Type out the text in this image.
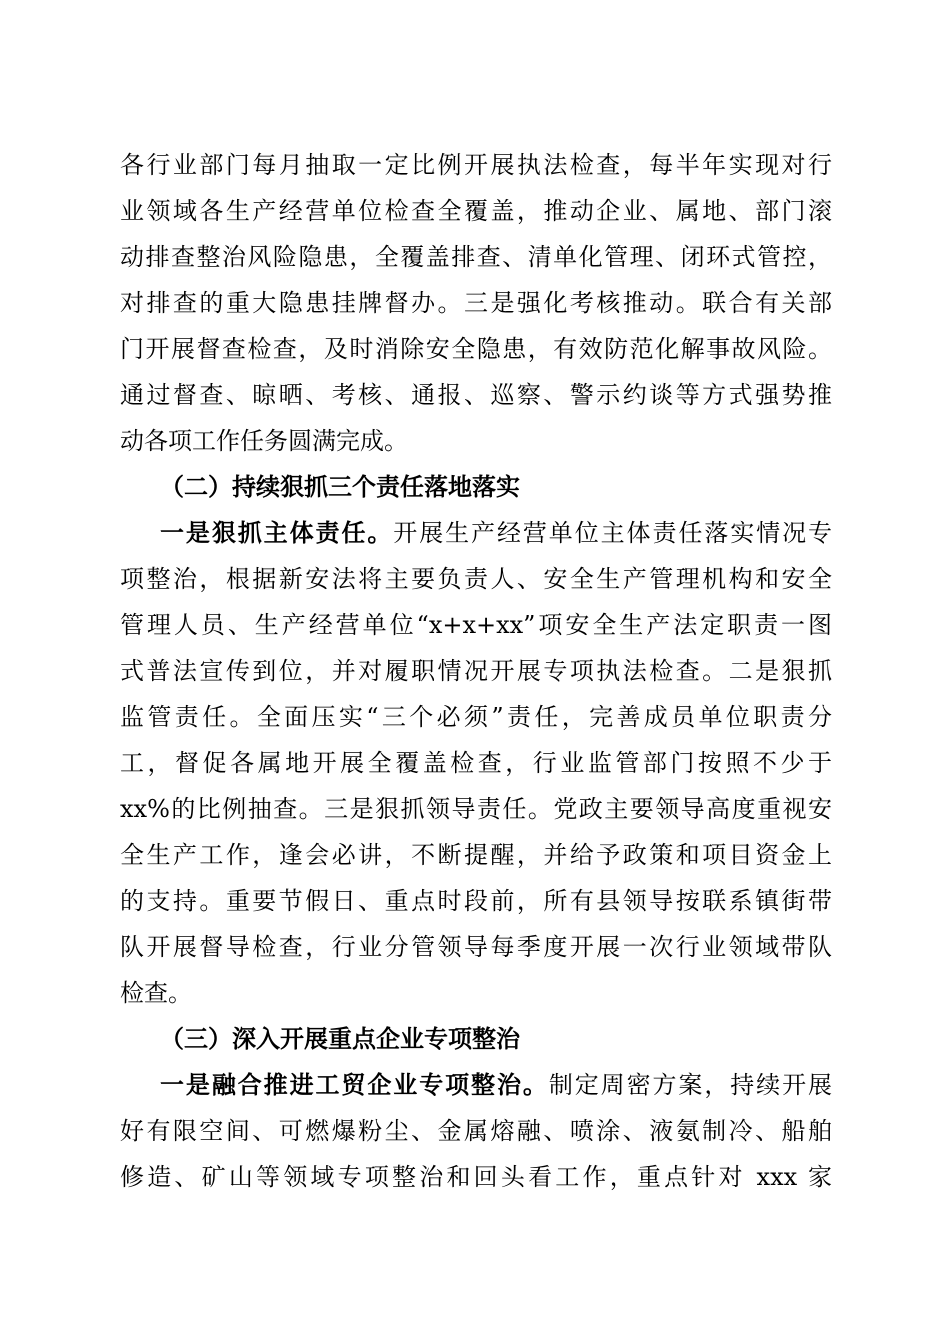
各行业部门每月抽取一定比例开展执法检查，每半年实现对行
业领域各生产经营单位检查全覆盖，推动企业、属地、部门滚
动排查整治风险隐患，全覆盖排查、清单化管理、闭环式管控，
对排查的重大隐患挂牌督办。三是强化考核推动。联合有关部
门开展督查检查，及时消除安全隐患，有效防范化解事故风险。
通过督查、晾晒、考核、通报、巡察、警示约谈等方式强势推
动各项工作任务圆满完成。
（二）持续狠抓三个责任落地落实
一是狠抓主体责任。开展生产经营单位主体责任落实情况专
项整治，根据新安法将主要负责人、安全生产管理机构和安全
管理人员、生产经营单位“x+x+xx”项安全生产法定职责一图
式普法宣传到位，并对履职情况开展专项执法检查。二是狠抓
监管责任。全面压实“三个必须”责任，完善成员单位职责分
工，督促各属地开展全覆盖检查，行业监管部门按照不少于
xx%的比例抽查。三是狠抓领导责任。党政主要领导高度重视安
全生产工作，逢会必讲，不断提醒，并给予政策和项目资金上
的支持。重要节假日、重点时段前，所有县领导按联系镇街带
队开展督导检查，行业分管领导每季度开展一次行业领域带队
检查。
（三）深入开展重点企业专项整治
一是融合推进工贸企业专项整治。制定周密方案，持续开展
好有限空间、可燃爆粉尘、金属熔融、喷涂、液氨制冷、船舶
修造、矿山等领域专项整治和回头看工作，重点针对 xxx 家
